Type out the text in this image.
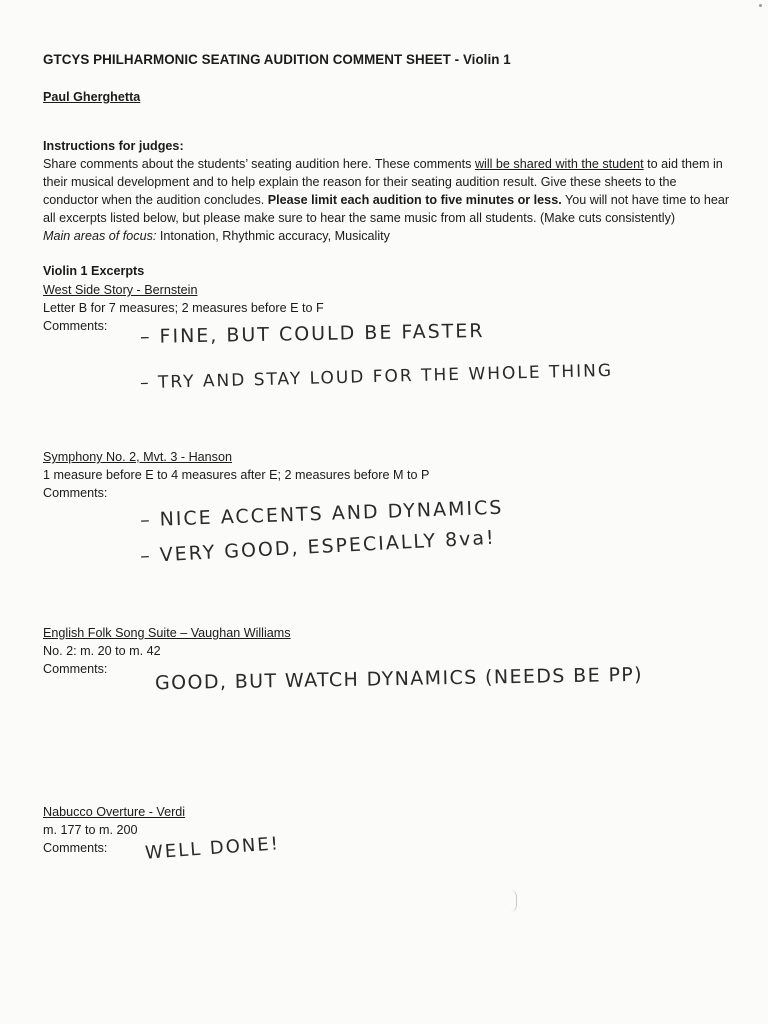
GTCYS PHILHARMONIC SEATING AUDITION COMMENT SHEET - Violin 1
Paul Gherghetta

Instructions for judges:

Share comments about the students’ seating audition here. These comments will be shared with the student to aid them in their musical development and to help explain the reason for their seating audition result. Give these sheets to the conductor when the audition concludes. Please limit each audition to five minutes or less. You will not have time to hear all excerpts listed below, but please make sure to hear the same music from all students. (Make cuts consistently)

Main areas of focus: Intonation, Rhythmic accuracy, Musicality
Violin 1 Excerpts
West Side Story - Bernstein
Letter B for 7 measures; 2 measures before E to F
Comments: – FINE, BUT COULD BE FASTER
– TRY AND STAY LOUD FOR THE WHOLE THING
Symphony No. 2, Mvt. 3 - Hanson
1 measure before E to 4 measures after E; 2 measures before M to P
Comments:
– NICE ACCENTS AND DYNAMICS
– VERY GOOD, ESPECIALLY 8va!
English Folk Song Suite – Vaughan Williams
No. 2: m. 20 to m. 42
Comments: GOOD, BUT WATCH DYNAMICS (NEEDS BE PP)
Nabucco Overture - Verdi
m. 177 to m. 200
Comments: WELL DONE!
